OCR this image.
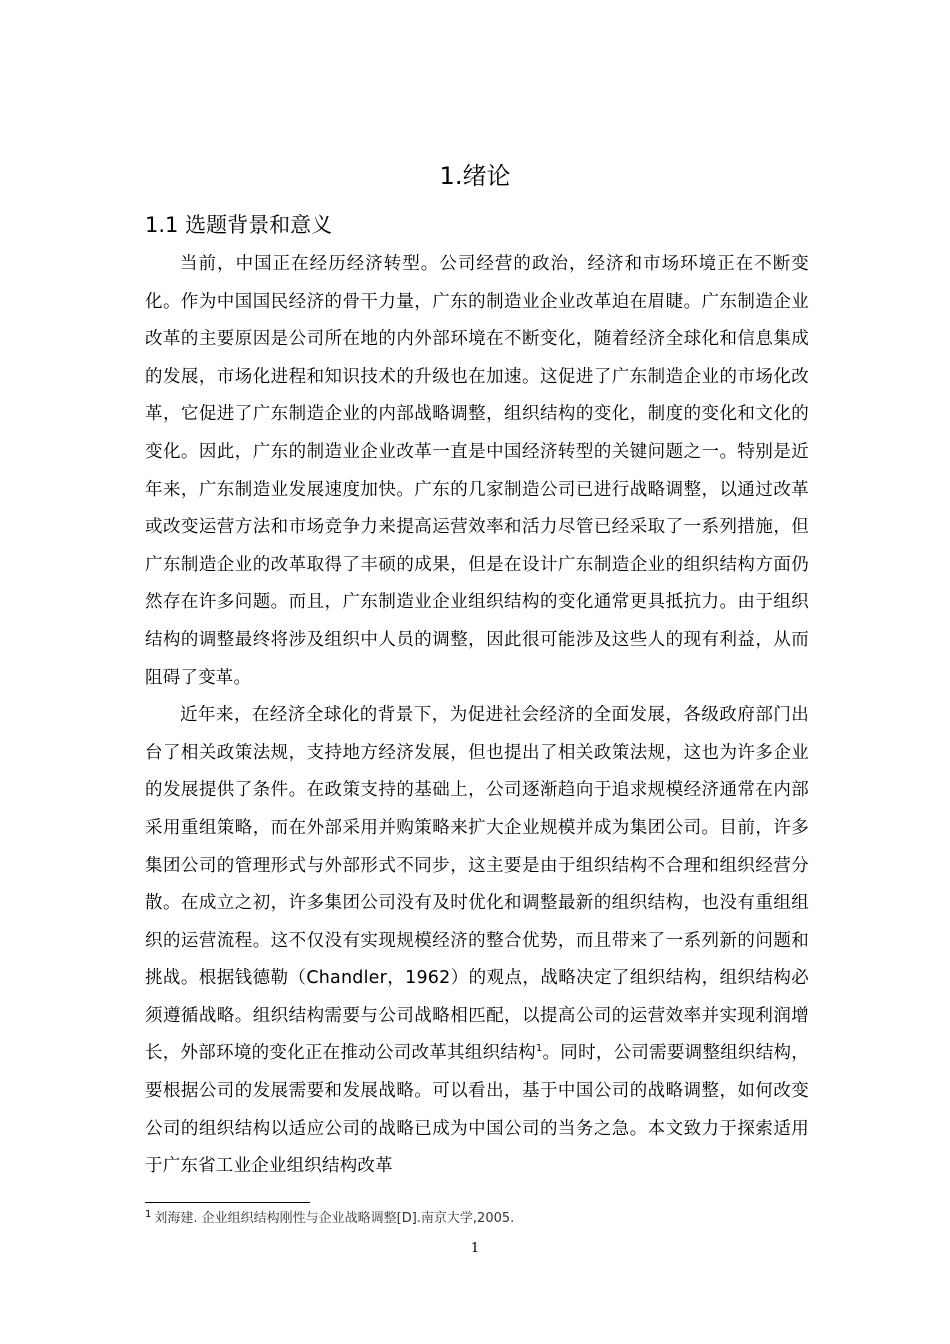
1.绪论
1.1 选题背景和意义

当前，中国正在经历经济转型。公司经营的政治，经济和市场环境正在不断变化。作为中国国民经济的骨干力量，广东的制造业企业改革迫在眉睫。广东制造企业改革的主要原因是公司所在地的内外部环境在不断变化，随着经济全球化和信息集成的发展，市场化进程和知识技术的升级也在加速。这促进了广东制造企业的市场化改革，它促进了广东制造企业的内部战略调整，组织结构的变化，制度的变化和文化的变化。因此，广东的制造业企业改革一直是中国经济转型的关键问题之一。特别是近年来，广东制造业发展速度加快。广东的几家制造公司已进行战略调整，以通过改革或改变运营方法和市场竞争力来提高运营效率和活力尽管已经采取了一系列措施，但广东制造企业的改革取得了丰硕的成果，但是在设计广东制造企业的组织结构方面仍然存在许多问题。而且，广东制造业企业组织结构的变化通常更具抵抗力。由于组织结构的调整最终将涉及组织中人员的调整，因此很可能涉及这些人的现有利益，从而阻碍了变革。

近年来，在经济全球化的背景下，为促进社会经济的全面发展，各级政府部门出台了相关政策法规，支持地方经济发展，但也提出了相关政策法规，这也为许多企业的发展提供了条件。在政策支持的基础上，公司逐渐趋向于追求规模经济通常在内部采用重组策略，而在外部采用并购策略来扩大企业规模并成为集团公司。目前，许多集团公司的管理形式与外部形式不同步，这主要是由于组织结构不合理和组织经营分散。在成立之初，许多集团公司没有及时优化和调整最新的组织结构，也没有重组组织的运营流程。这不仅没有实现规模经济的整合优势，而且带来了一系列新的问题和挑战。根据钱德勒（Chandler，1962）的观点，战略决定了组织结构，组织结构必须遵循战略。组织结构需要与公司战略相匹配，以提高公司的运营效率并实现利润增长，外部环境的变化正在推动公司改革其组织结构$^1$。同时，公司需要调整组织结构，要根据公司的发展需要和发展战略。可以看出，基于中国公司的战略调整，如何改变公司的组织结构以适应公司的战略已成为中国公司的当务之急。本文致力于探索适用于广东省工业企业组织结构改革

$^1$ 刘海建. 企业组织结构刚性与企业战略调整[D].南京大学,2005.
1
